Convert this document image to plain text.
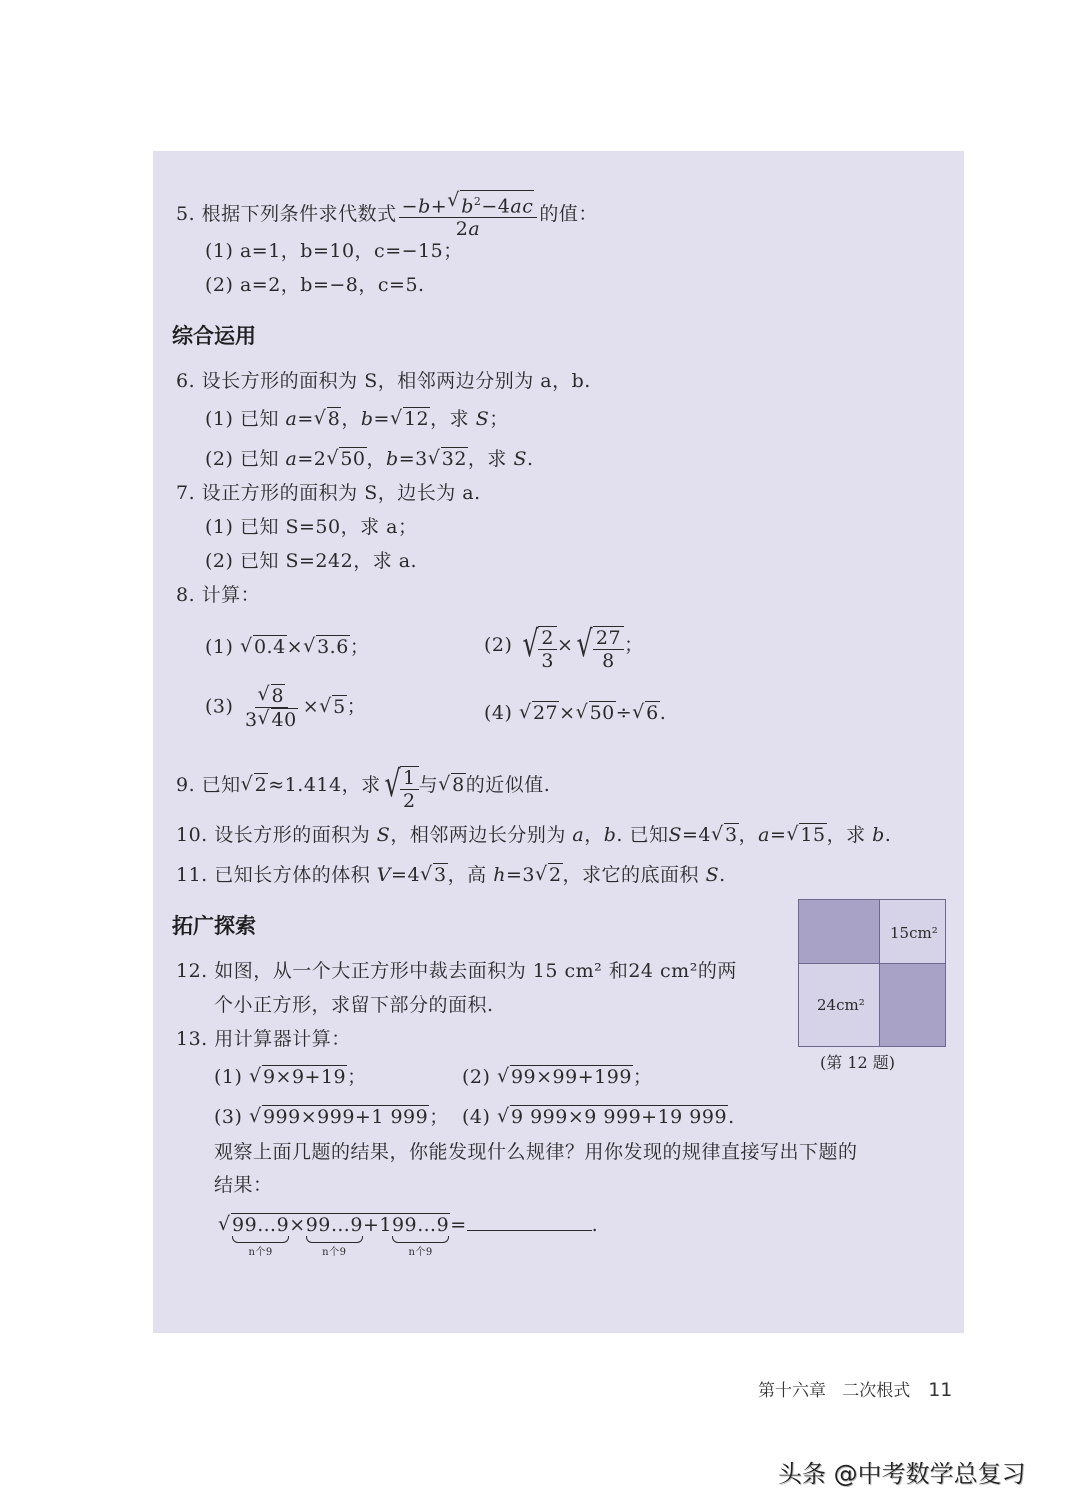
5. 根据下列条件求代数式 $\frac{-b+ √ b^2-4ac}{2a}$ 的值：
(1) a=1，b=10，c=−15；
(2) a=2，b=−8，c=5.
综合运用
6. 设长方形的面积为 S，相邻两边分别为 a，b.
(1) 已知 a= √ 8，b= √ 12，求 S；
(2) 已知 a=2 √ 50，b=3 √ 32，求 S.
7. 设正方形的面积为 S，边长为 a.
(1) 已知 S=50，求 a；
(2) 已知 S=242，求 a.
8. 计算：
(1) √ 0.4× √ 3.6；	(2) √ $\frac{2}{3}$ × √ $\frac{27}{8}$ ；
(3) √ $\frac{8}{3 √ 40}$ × √ 5；	(4) √ 27× √ 50÷ √ 6.
9. 已知 √ 2≈1.414，求 √ $\frac{1}{2}$ 与 √ 8的近似值.
10. 设长方形的面积为 S，相邻两边长分别为 a，b. 已知S=4 √ 3，a= √ 15，求 b.
11. 已知长方体的体积 V=4 √ 3，高 h=3 √ 2，求它的底面积 S.
拓广探索
12. 如图，从一个大正方形中裁去面积为 15 cm² 和24 cm²的两
个小正方形，求留下部分的面积.
15cm²
24cm²
(第 12 题)
13. 用计算器计算：
(1) √ 9×9+19；	(2) √ 99×99+199；
(3) √ 999×999+1 999； (4) √ 9 999×9 999+19 999.
观察上面几题的结果，你能发现什么规律？用你发现的规律直接写出下题的
结果：
√ 99…9
n个9
×99…9
n个9
+199…9
n个9
=	.
第十六章 二次根式 11
头条 @中考数学总复习
